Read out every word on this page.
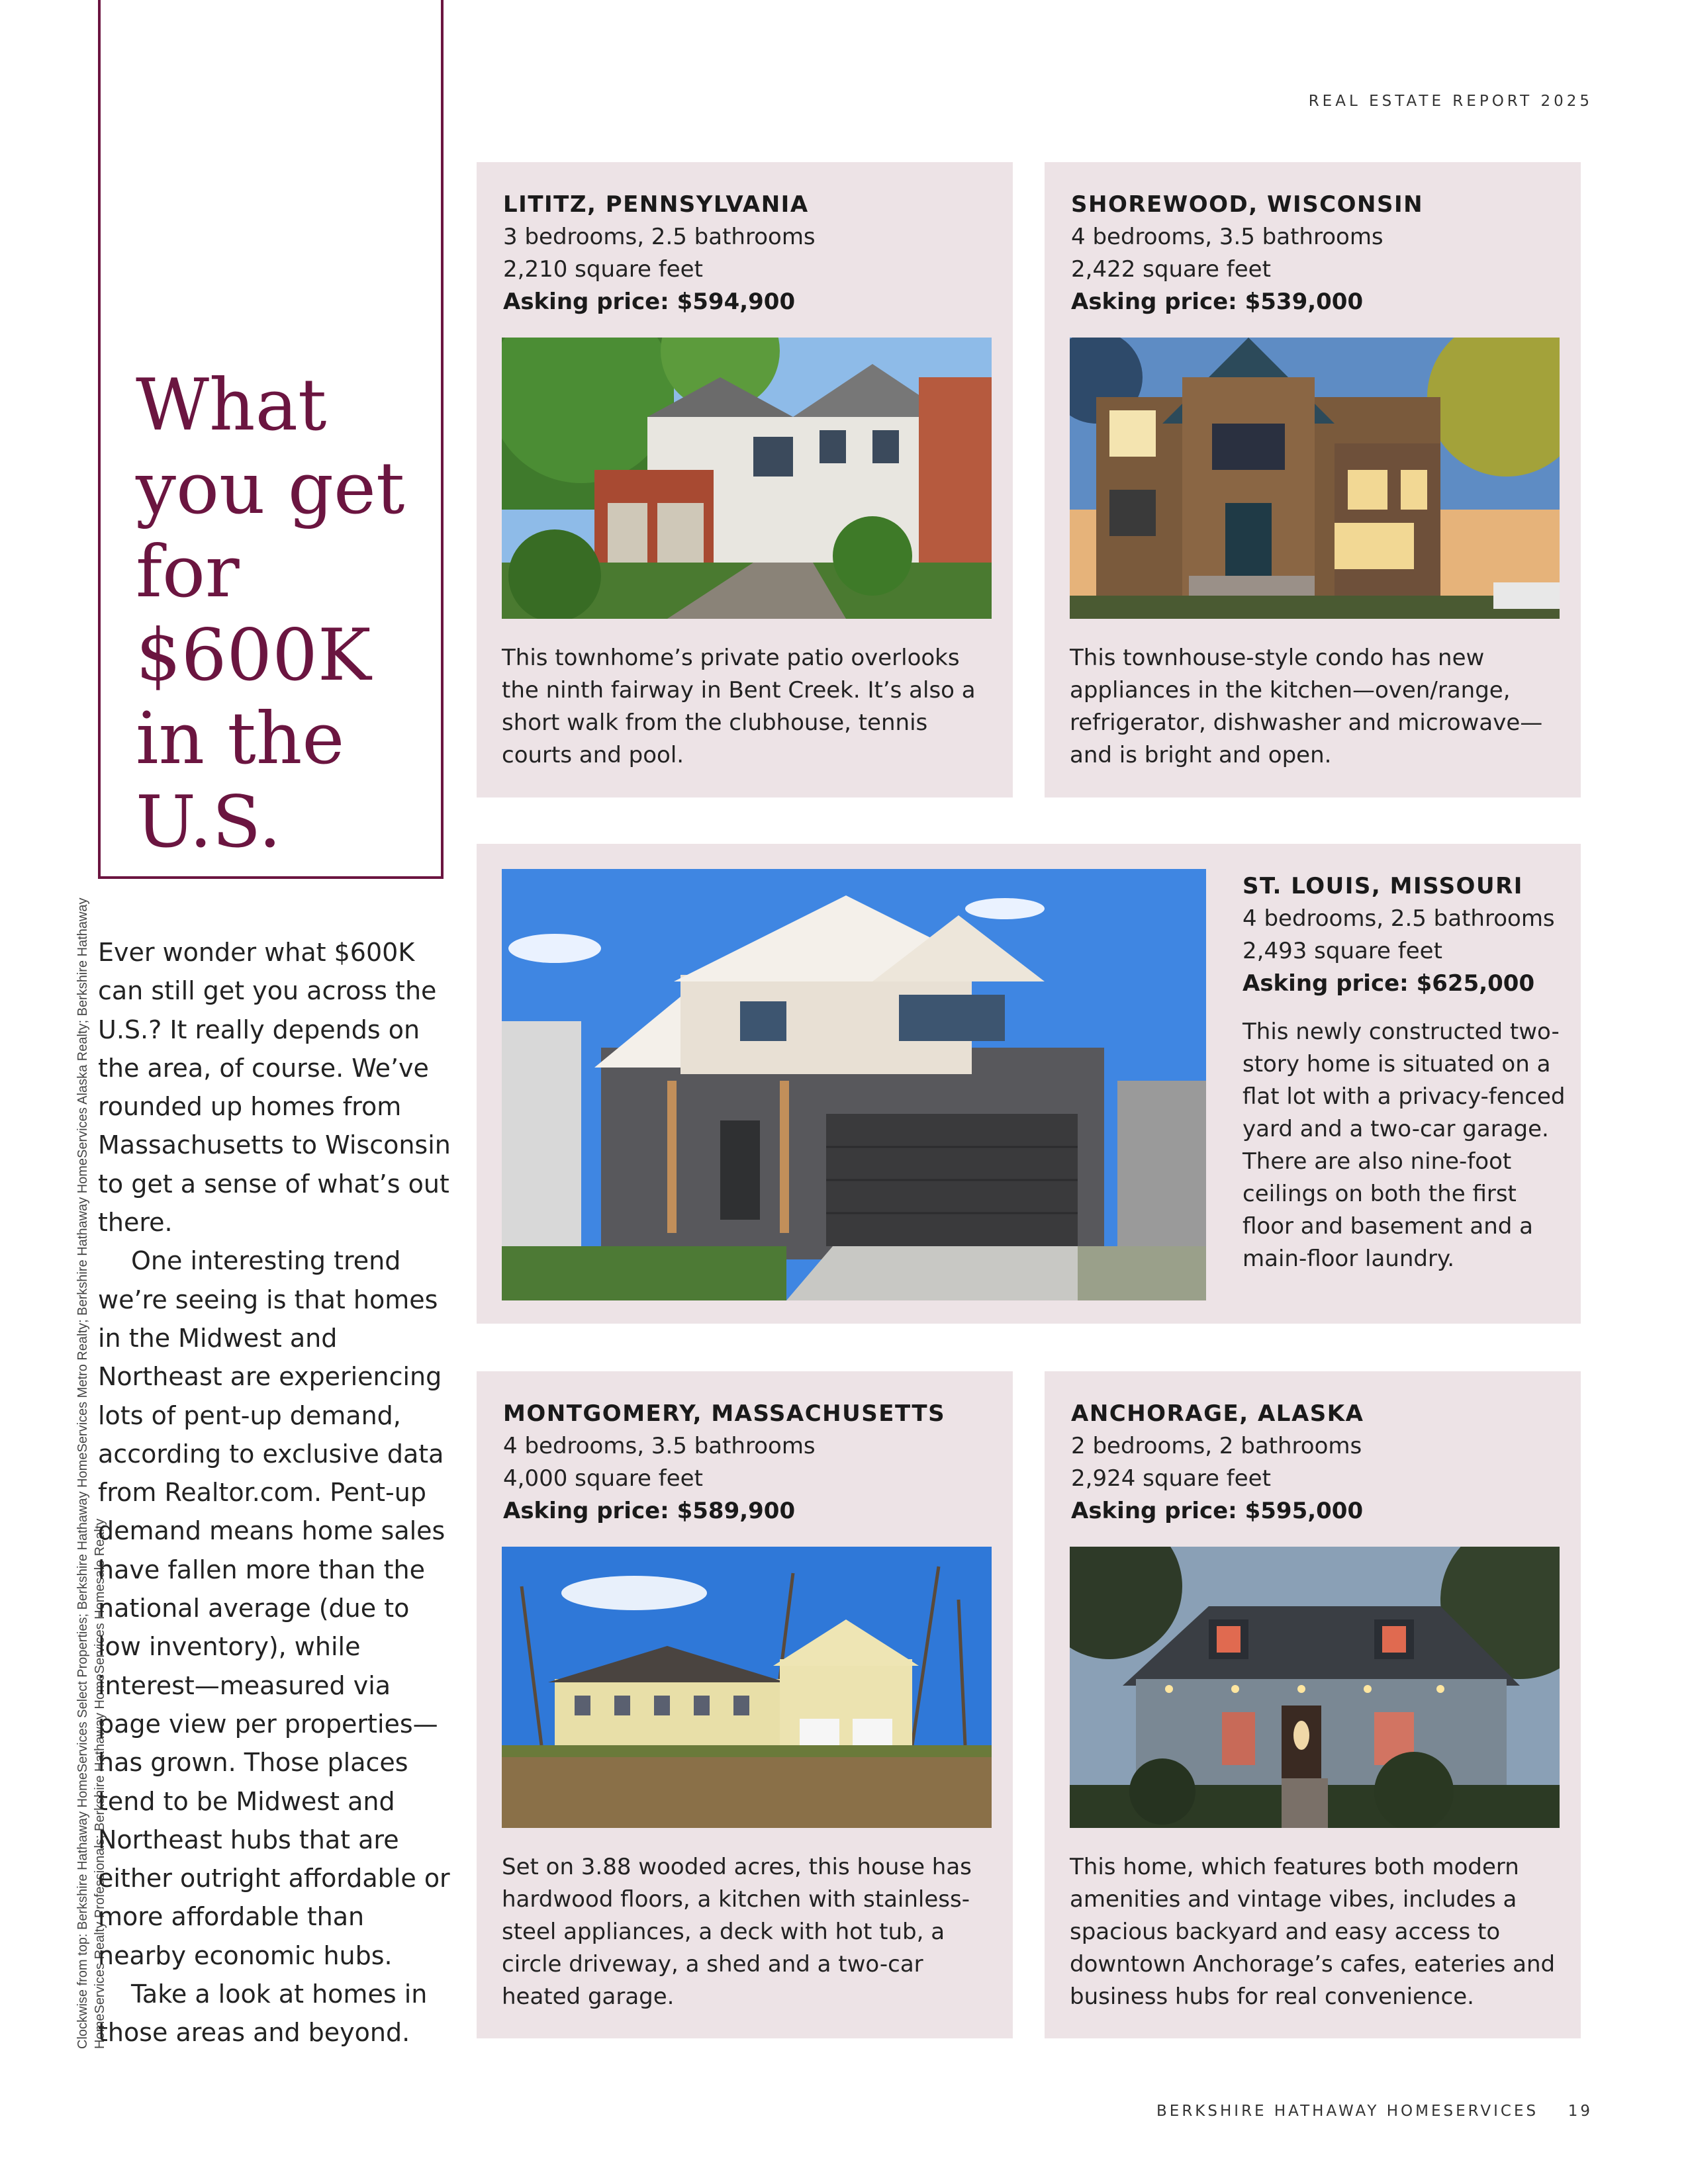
REAL ESTATE REPORT 2025
What you get for $600K in the U.S.
Clockwise from top: Berkshire Hathaway HomeServices Select Properties; Berkshire Hathaway HomeServices Metro Realty; Berkshire Hathaway HomeServices Alaska Realty; Berkshire Hathaway HomeServices Realty Professionals; Berkshire Hathaway HomeServices Homesale Realty

Ever wonder what $600K can still get you across the U.S.? It really depends on the area, of course. We’ve rounded up homes from Massachusetts to Wisconsin to get a sense of what’s out there.

One interesting trend we’re seeing is that homes in the Midwest and Northeast are experiencing lots of pent-up demand, according to exclusive data from Realtor.com. Pent-up demand means home sales have fallen more than the national average (due to low inventory), while interest—measured via page view per properties—has grown. Those places tend to be Midwest and Northeast hubs that are either outright affordable or more affordable than nearby economic hubs.

Take a look at homes in those areas and beyond.

LITITZ, PENNSYLVANIA
3 bedrooms, 2.5 bathrooms
2,210 square feet
Asking price: $594,900
This townhome’s private patio overlooks the ninth fairway in Bent Creek. It’s also a short walk from the clubhouse, tennis courts and pool.
SHOREWOOD, WISCONSIN
4 bedrooms, 3.5 bathrooms
2,422 square feet
Asking price: $539,000
This townhouse-style condo has new appliances in the kitchen—oven/range, refrigerator, dishwasher and microwave—and is bright and open.
ST. LOUIS, MISSOURI
4 bedrooms, 2.5 bathrooms
2,493 square feet
Asking price: $625,000
This newly constructed two-story home is situated on a flat lot with a privacy-fenced yard and a two-car garage. There are also nine-foot ceilings on both the first floor and basement and a main-floor laundry.
MONTGOMERY, MASSACHUSETTS
4 bedrooms, 3.5 bathrooms
4,000 square feet
Asking price: $589,900
Set on 3.88 wooded acres, this house has hardwood floors, a kitchen with stainless-steel appliances, a deck with hot tub, a circle driveway, a shed and a two-car heated garage.
ANCHORAGE, ALASKA
2 bedrooms, 2 bathrooms
2,924 square feet
Asking price: $595,000
This home, which features both modern amenities and vintage vibes, includes a spacious backyard and easy access to downtown Anchorage’s cafes, eateries and business hubs for real convenience.
BERKSHIRE HATHAWAY HOMESERVICES 19
